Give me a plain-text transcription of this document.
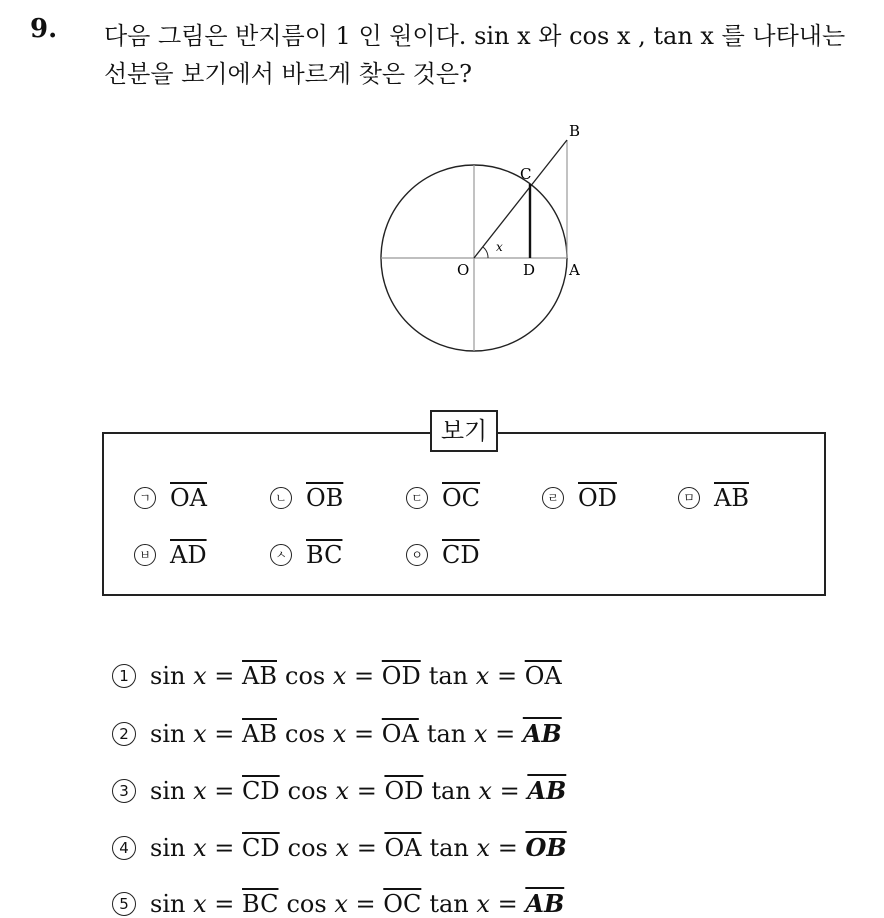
9. 다음 그림은 반지름이 1 인 원이다. sin x 와 cos x , tan x 를 나타내는
선분을 보기에서 바르게 찾은 것은?
B
C
O	D A
x
보기
ㄱ $\overline{OA}$	ㄴ $\overline{OB}$	ㄷ $\overline{OC}$	ㄹ $\overline{OD}$	ㅁ $\overline{AB}$
ㅂ $\overline{AD}$	ㅅ $\overline{BC}$	ㅇ $\overline{CD}$
1 sin
x
=
$\overline{AB}$ cos
x
=
$\overline{OD}$ tan
x
=
$\overline{OA}$
2 sin
x
=
$\overline{AB}$ cos
x
=
$\overline{OA}$ tan
x
=
$\overline{AB}$
3 sin
x
=
$\overline{CD}$ cos
x
=
$\overline{OD}$ tan
x
=
$\overline{AB}$
4 sin
x
=
$\overline{CD}$ cos
x
=
$\overline{OA}$ tan
x
=
$\overline{OB}$
5 sin
x
=
$\overline{BC}$ cos
x
=
$\overline{OC}$ tan
x
=
$\overline{AB}$
